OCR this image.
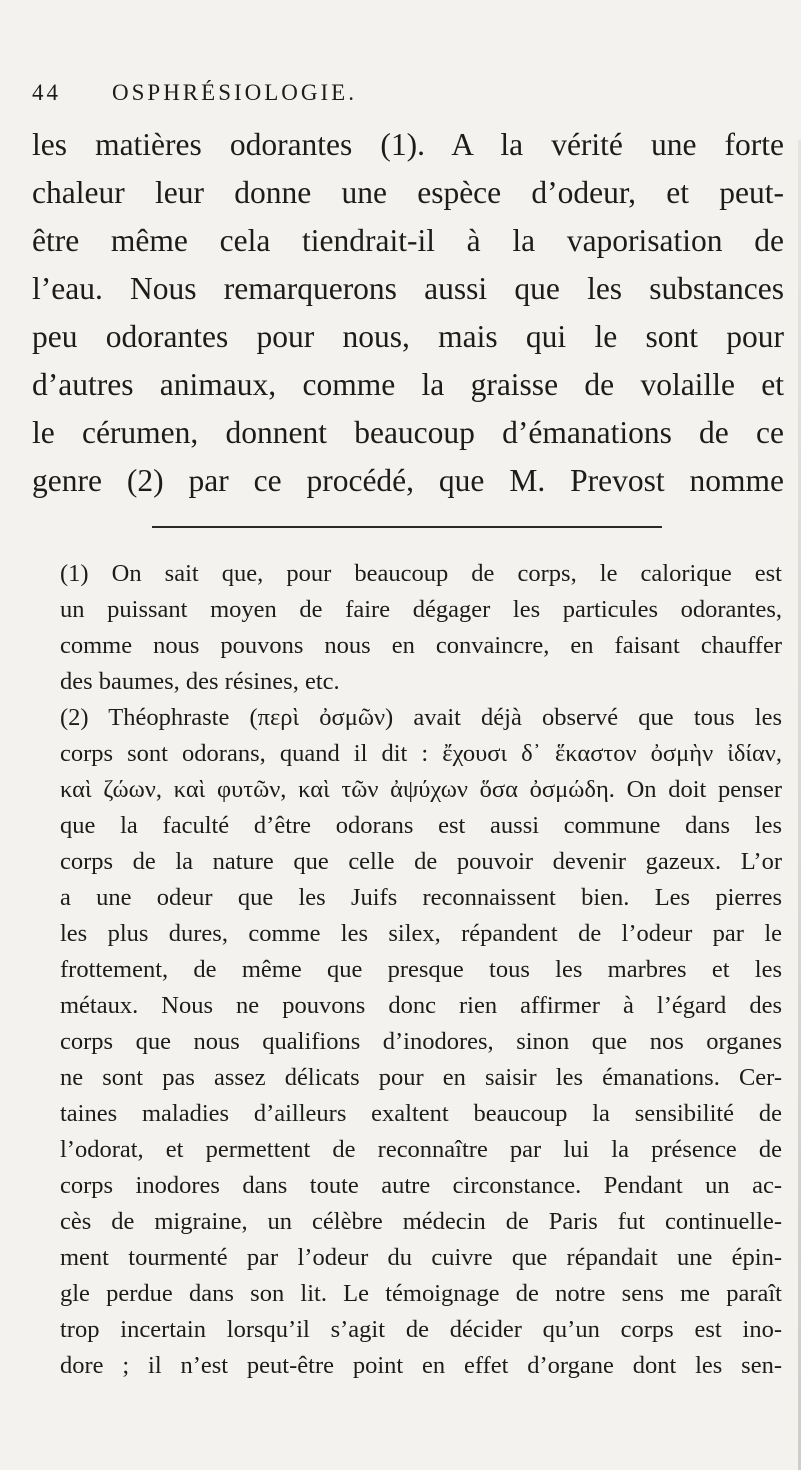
44 OSPHRÉSIOLOGIE.
les matières odorantes (1). A la vérité une forte
chaleur leur donne une espèce d’odeur, et peut-
être même cela tiendrait-il à la vaporisation de
l’eau. Nous remarquerons aussi que les substances
peu odorantes pour nous, mais qui le sont pour
d’autres animaux, comme la graisse de volaille et
le cérumen, donnent beaucoup d’émanations de ce
genre (2) par ce procédé, que M. Prevost nomme
(1) On sait que, pour beaucoup de corps, le calorique est
un puissant moyen de faire dégager les particules odorantes,
comme nous pouvons nous en convaincre, en faisant chauffer
des baumes, des résines, etc.
(2) Théophraste (περὶ ὀσμῶν) avait déjà observé que tous les
corps sont odorans, quand il dit : ἔχουσι δ᾽ ἕκαστον ὀσμὴν ἰδίαν,
καὶ ζώων, καὶ φυτῶν, καὶ τῶν ἀψύχων ὅσα ὀσμώδη. On doit penser
que la faculté d’être odorans est aussi commune dans les
corps de la nature que celle de pouvoir devenir gazeux. L’or
a une odeur que les Juifs reconnaissent bien. Les pierres
les plus dures, comme les silex, répandent de l’odeur par le
frottement, de même que presque tous les marbres et les
métaux. Nous ne pouvons donc rien affirmer à l’égard des
corps que nous qualifions d’inodores, sinon que nos organes
ne sont pas assez délicats pour en saisir les émanations. Cer-
taines maladies d’ailleurs exaltent beaucoup la sensibilité de
l’odorat, et permettent de reconnaître par lui la présence de
corps inodores dans toute autre circonstance. Pendant un ac-
cès de migraine, un célèbre médecin de Paris fut continuelle-
ment tourmenté par l’odeur du cuivre que répandait une épin-
gle perdue dans son lit. Le témoignage de notre sens me paraît
trop incertain lorsqu’il s’agit de décider qu’un corps est ino-
dore ; il n’est peut-être point en effet d’organe dont les sen-
